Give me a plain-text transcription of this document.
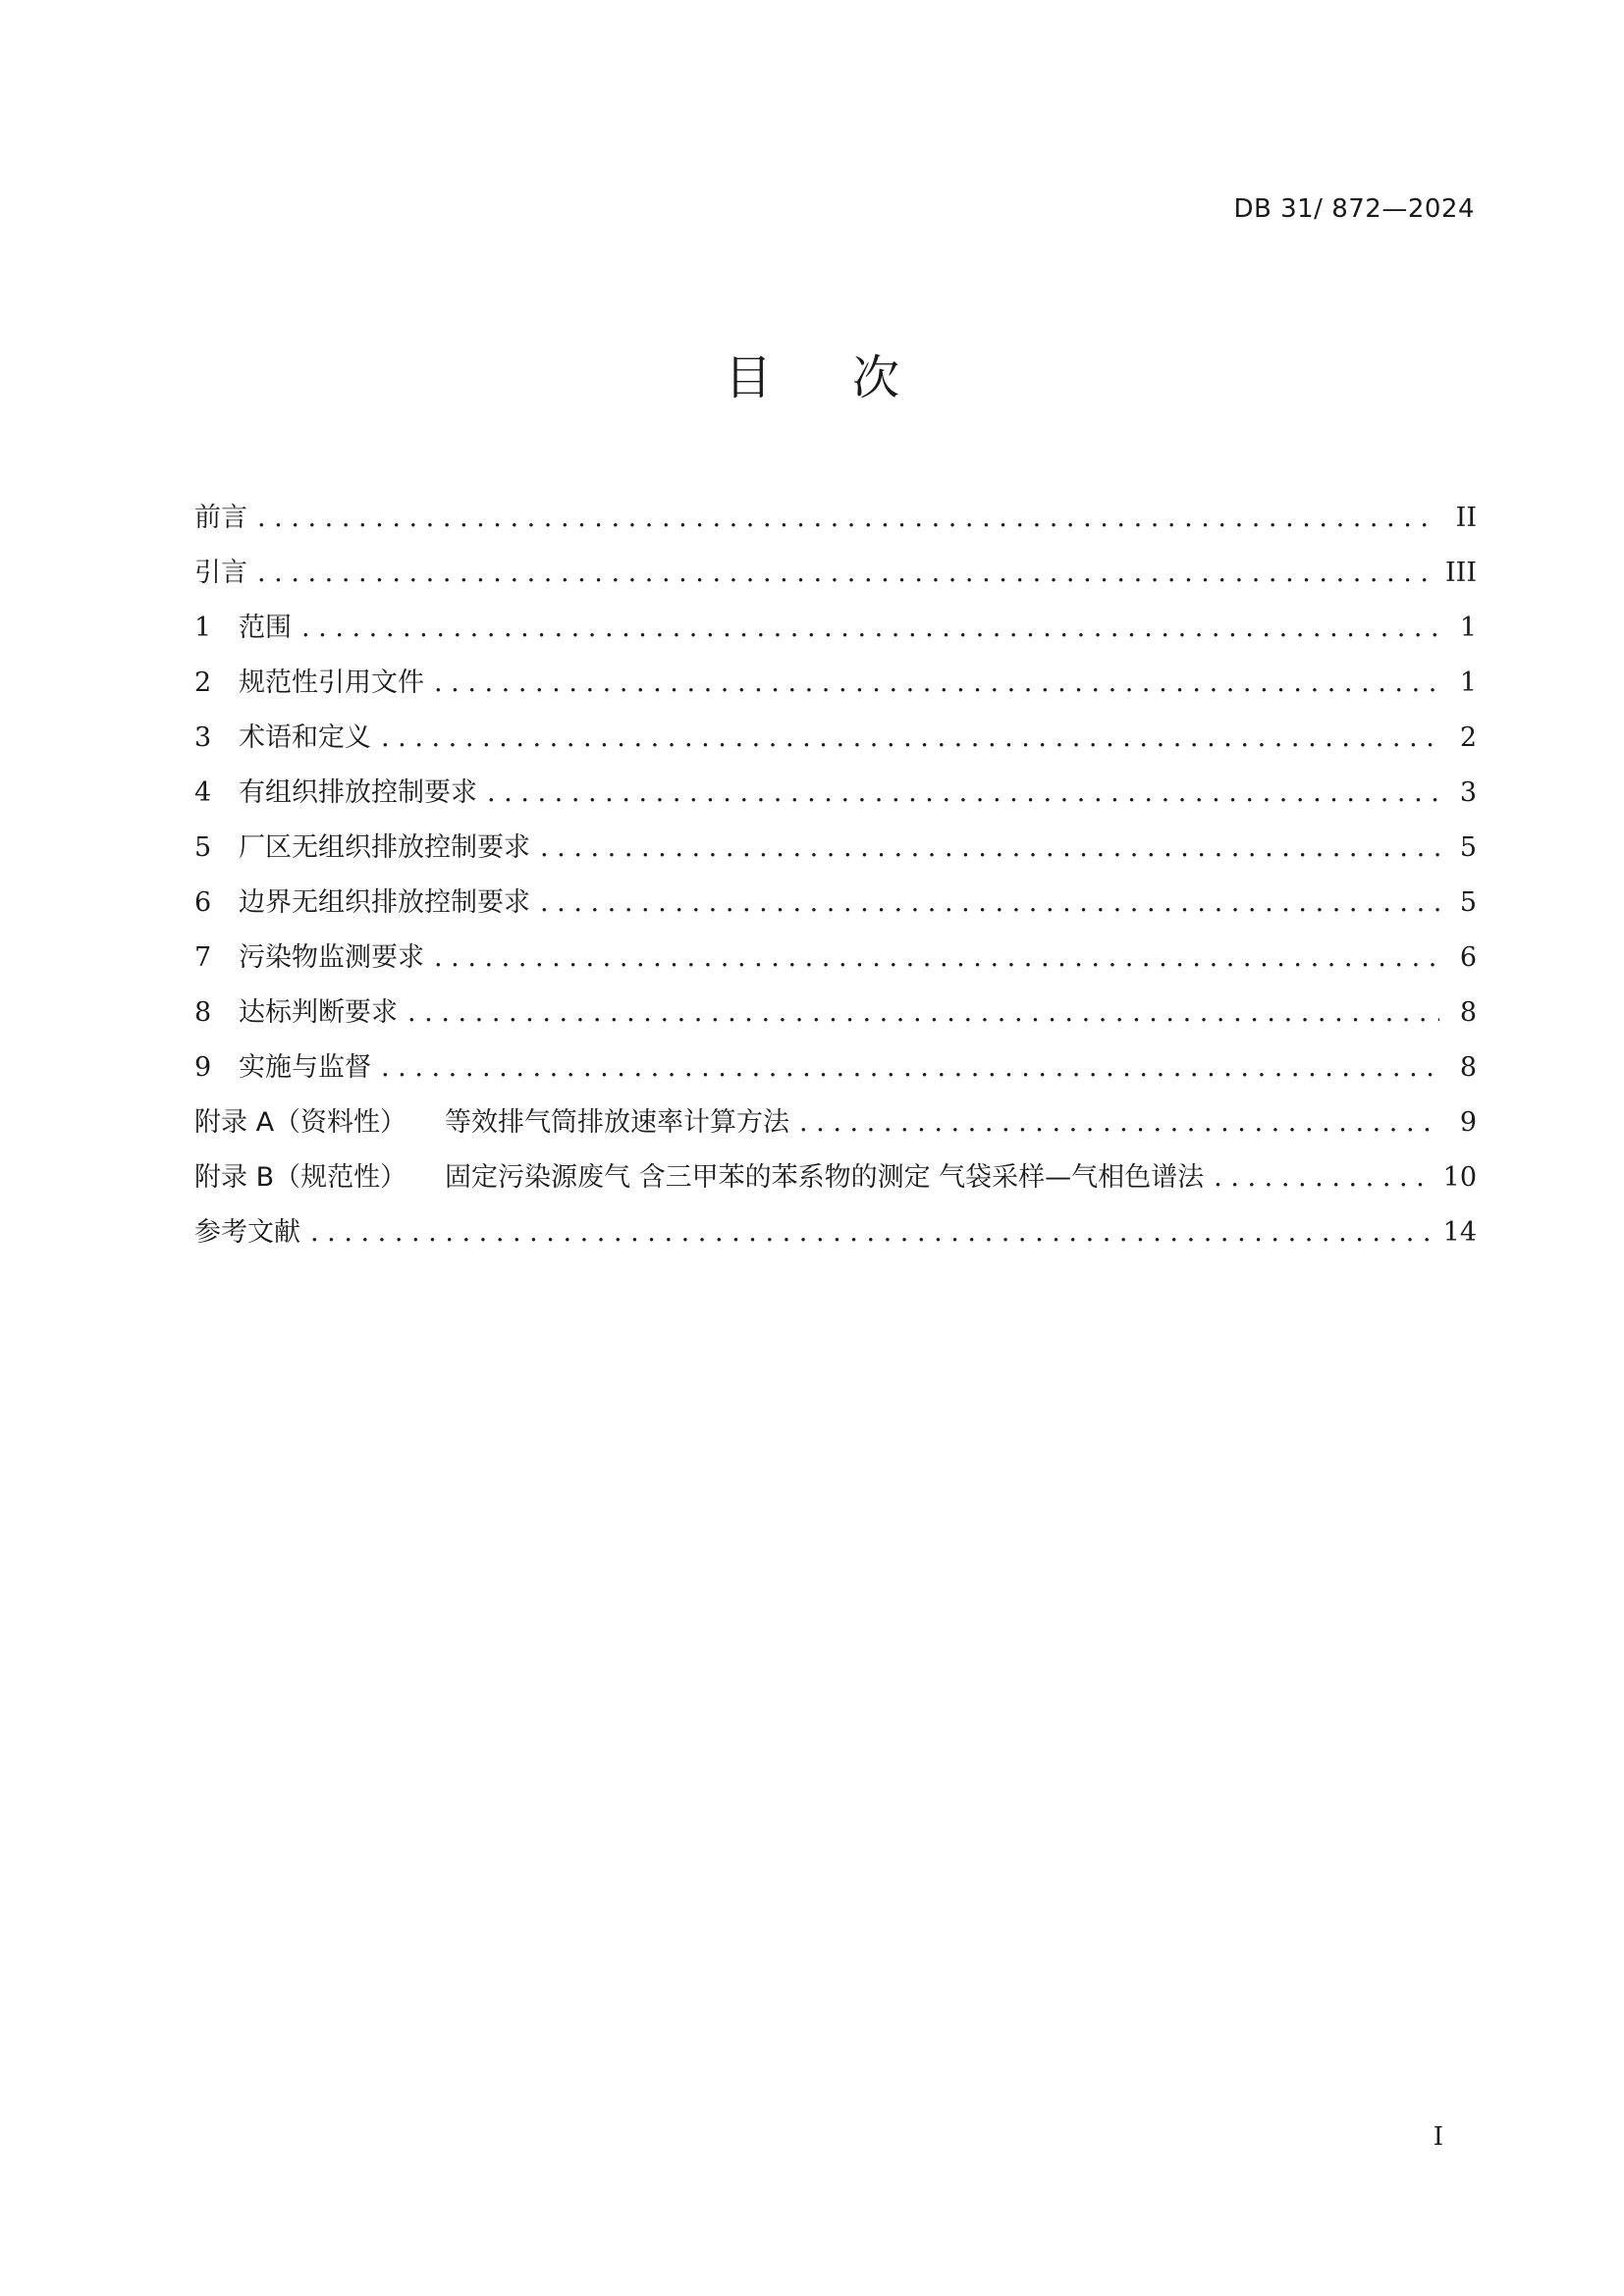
DB 31/ 872—2024
目次
前言 . . .	II
引言 . . .	III
1	范围 . . .	1
2	规范性引用文件 . . .	1
3	术语和定义 . . .	2
4	有组织排放控制要求 . . .	3
5	厂区无组织排放控制要求 . . .	5
6	边界无组织排放控制要求 . . .	5
7	污染物监测要求 . . .	6
8	达标判断要求 . . .	8
9	实施与监督 . . .	8
附录 A（资料性）	等效排气筒排放速率计算方法 . . .	9
附录 B（规范性）	固定污染源废气 含三甲苯的苯系物的测定 气袋采样—气相色谱法 . . .	10
参考文献 . . .	14
I
